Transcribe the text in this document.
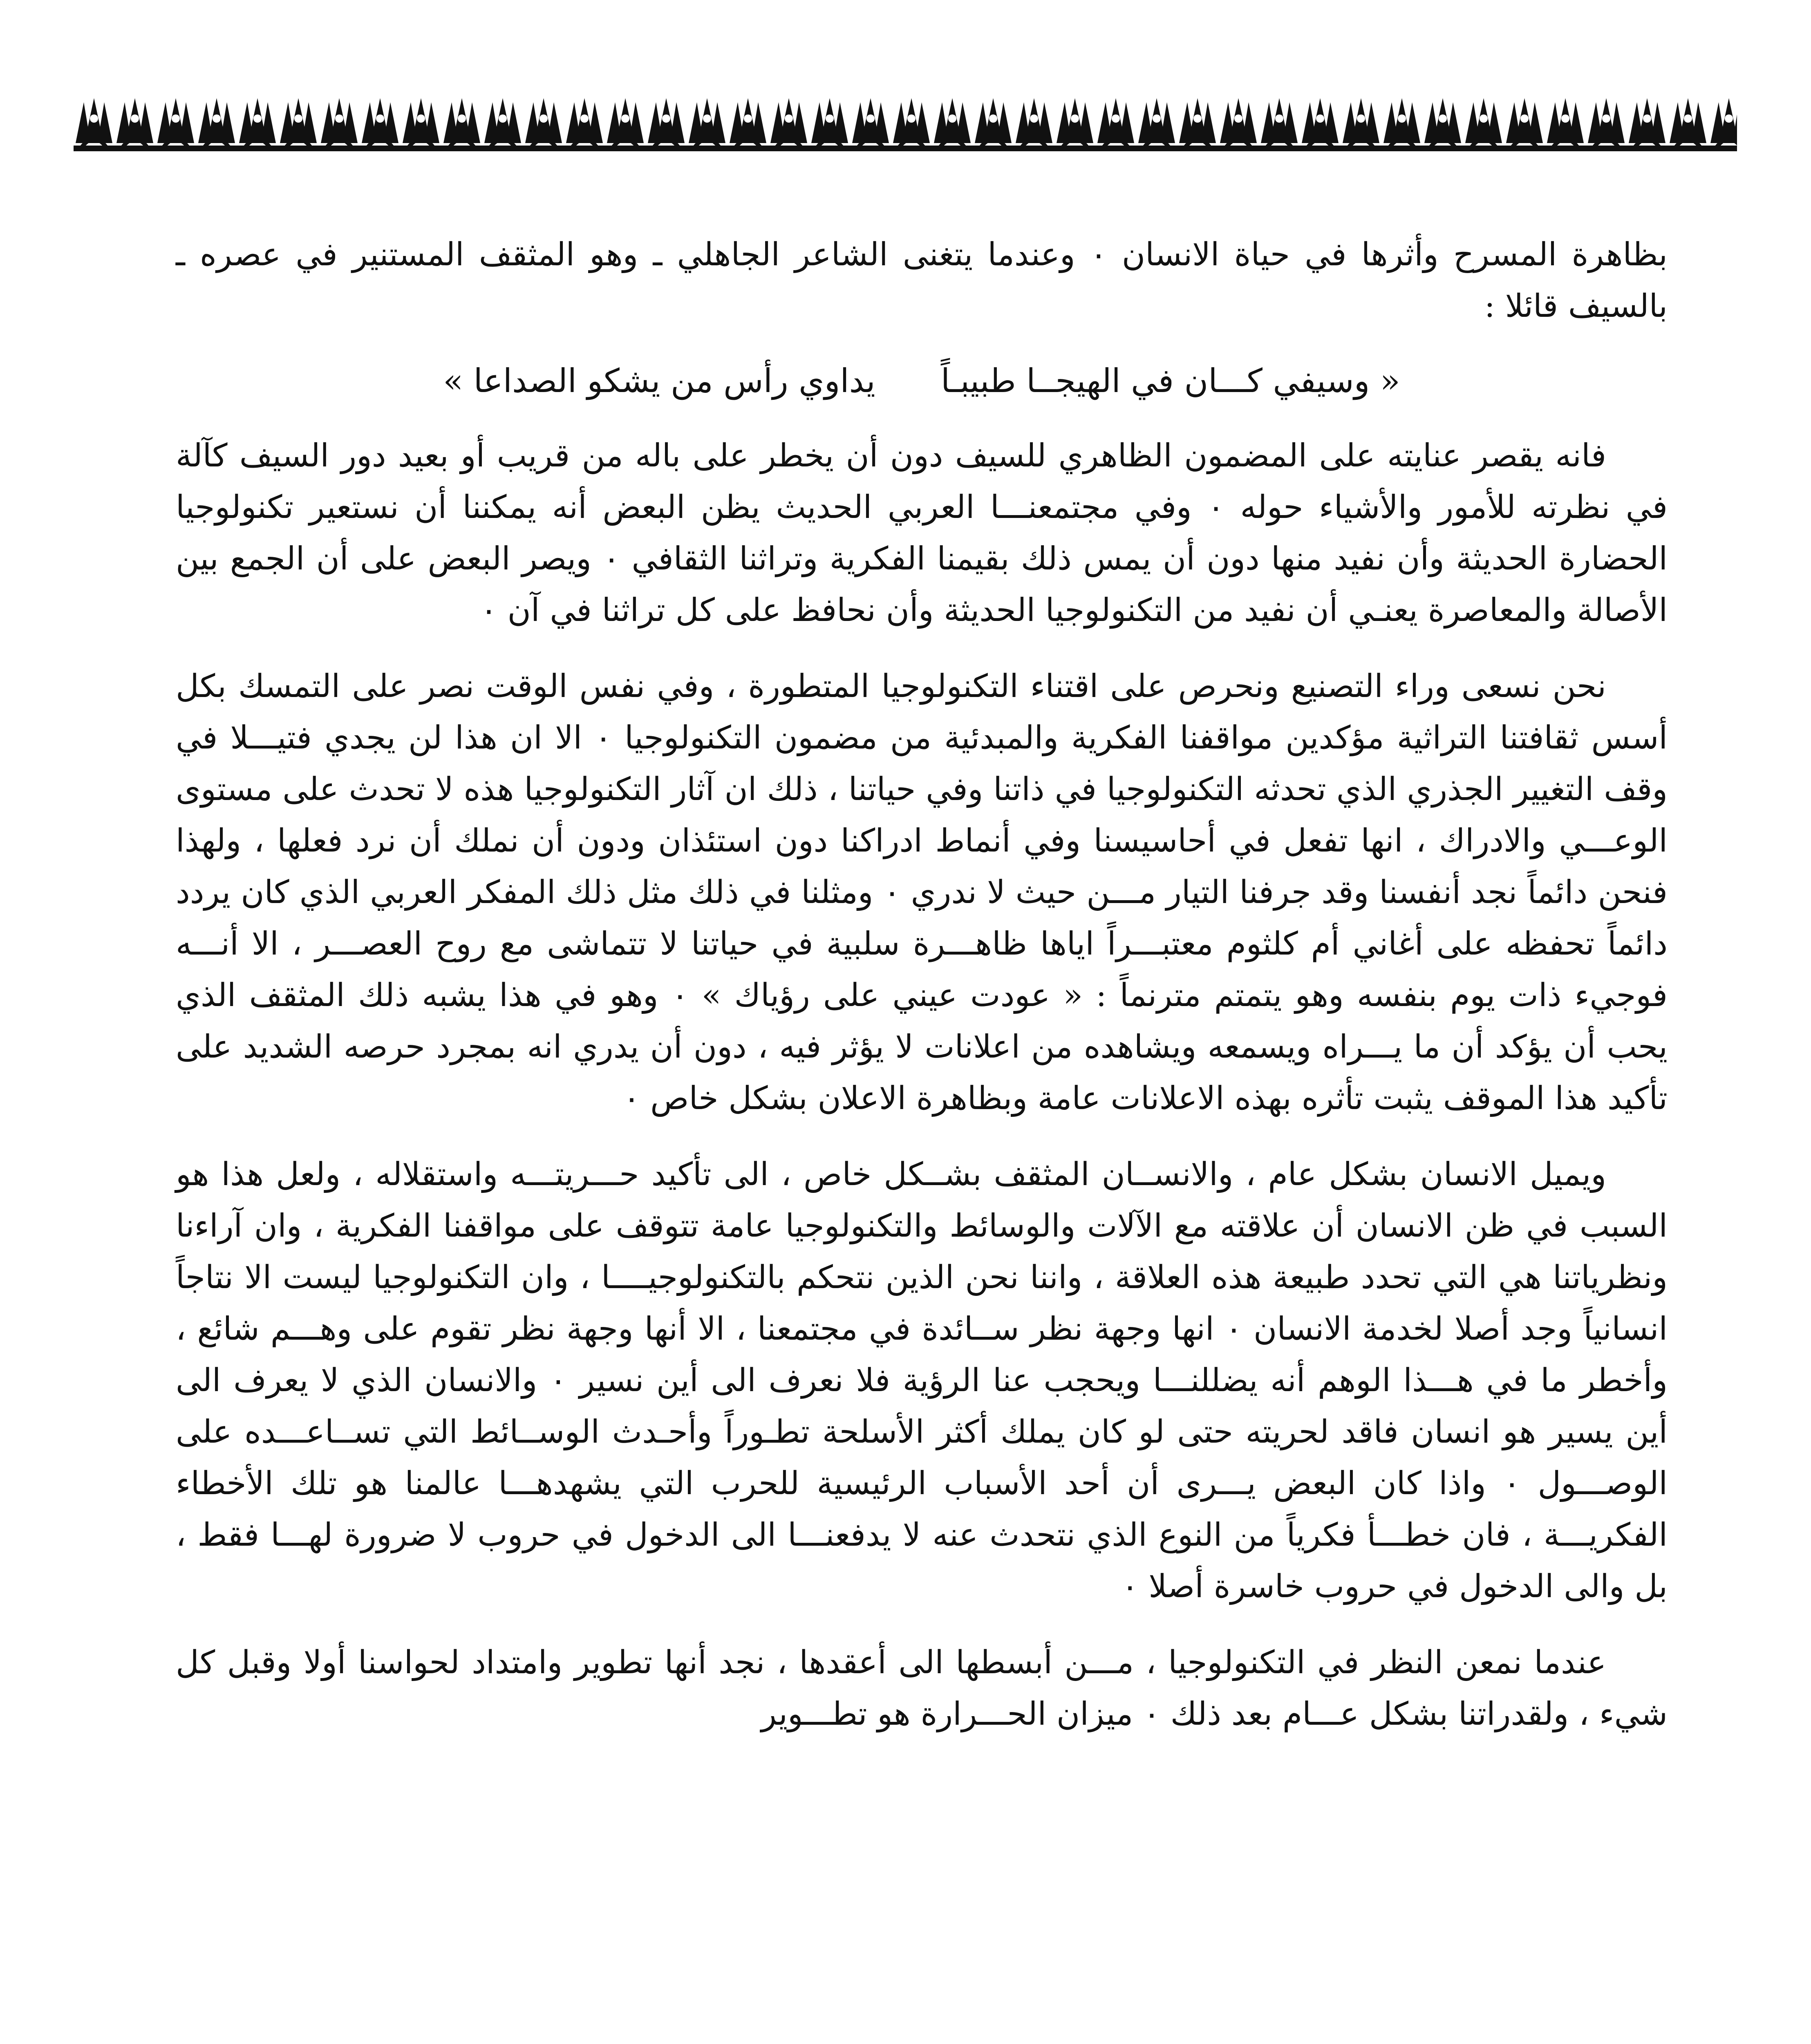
بظاهرة المسرح وأثرها في حياة الانسان ٠ وعندما يتغنى الشاعر الجاهلي ـ وهو المثقف المستنير في عصره ـ بالسيف قائلا :

« وسيفي كـــان في الهيجــا طبيبـاً
يداوي رأس من يشكو الصداعا »

فانه يقصر عنايته على المضمون الظاهري للسيف دون أن يخطر على باله من قريب أو بعيد دور السيف كآلة في نظرته للأمور والأشياء حوله ٠ وفي مجتمعنـــا العربي الحديث يظن البعض أنه يمكننا أن نستعير تكنولوجيا الحضارة الحديثة وأن نفيد منها دون أن يمس ذلك بقيمنا الفكرية وتراثنا الثقافي ٠ ويصر البعض على أن الجمع بين الأصالة والمعاصرة يعنـي أن نفيد من التكنولوجيا الحديثة وأن نحافظ على كل تراثنا في آن ٠

نحن نسعى وراء التصنيع ونحرص على اقتناء التكنولوجيا المتطورة ، وفي نفس الوقت نصر على التمسك بكل أسس ثقافتنا التراثية مؤكدين مواقفنا الفكرية والمبدئية من مضمون التكنولوجيا ٠ الا ان هذا لن يجدي فتيـــلا في وقف التغيير الجذري الذي تحدثه التكنولوجيا في ذاتنا وفي حياتنا ، ذلك ان آثار التكنولوجيا هذه لا تحدث على مستوى الوعـــي والادراك ، انها تفعل في أحاسيسنا وفي أنماط ادراكنا دون استئذان ودون أن نملك أن نرد فعلها ، ولهذا فنحن دائماً نجد أنفسنا وقد جرفنا التيار مـــن حيث لا ندري ٠ ومثلنا في ذلك مثل ذلك المفكر العربي الذي كان يردد دائماً تحفظه على أغاني أم كلثوم معتبـــراً اياها ظاهـــرة سلبية في حياتنا لا تتماشى مع روح العصـــر ، الا أنـــه فوجيء ذات يوم بنفسه وهو يتمتم مترنماً : « عودت عيني على رؤياك » ٠ وهو في هذا يشبه ذلك المثقف الذي يحب أن يؤكد أن ما يـــراه ويسمعه ويشاهده من اعلانات لا يؤثر فيه ، دون أن يدري انه بمجرد حرصه الشديد على تأكيد هذا الموقف يثبت تأثره بهذه الاعلانات عامة وبظاهرة الاعلان بشكل خاص ٠

ويميل الانسان بشكل عام ، والانســان المثقف بشــكل خاص ، الى تأكيد حـــريتـــه واستقلاله ، ولعل هذا هو السبب في ظن الانسان أن علاقته مع الآلات والوسائط والتكنولوجيا عامة تتوقف على مواقفنا الفكرية ، وان آراءنا ونظرياتنا هي التي تحدد طبيعة هذه العلاقة ، واننا نحن الذين نتحكم بالتكنولوجيــــا ، وان التكنولوجيا ليست الا نتاجاً انسانياً وجد أصلا لخدمة الانسان ٠ انها وجهة نظر ســائدة في مجتمعنا ، الا أنها وجهة نظر تقوم على وهـــم شائع ، وأخطر ما في هـــذا الوهم أنه يضللنـــا ويحجب عنا الرؤية فلا نعرف الى أين نسير ٠ والانسان الذي لا يعرف الى أين يسير هو انسان فاقد لحريته حتى لو كان يملك أكثر الأسلحة تطـوراً وأحـدث الوســائط التي تســاعـــده على الوصـــول ٠ واذا كان البعض يـــرى أن أحد الأسباب الرئيسية للحرب التي يشهدهـــا عالمنا هو تلك الأخطاء الفكريـــة ، فان خطـــأ فكرياً من النوع الذي نتحدث عنه لا يدفعنـــا الى الدخول في حروب لا ضرورة لهـــا فقط ، بل والى الدخول في حروب خاسرة أصلا ٠

عندما نمعن النظر في التكنولوجيا ، مـــن أبسطها الى أعقدها ، نجد أنها تطوير وامتداد لحواسنا أولا وقبل كل شيء ، ولقدراتنا بشكل عـــام بعد ذلك ٠ ميزان الحـــرارة هو تطـــوير
